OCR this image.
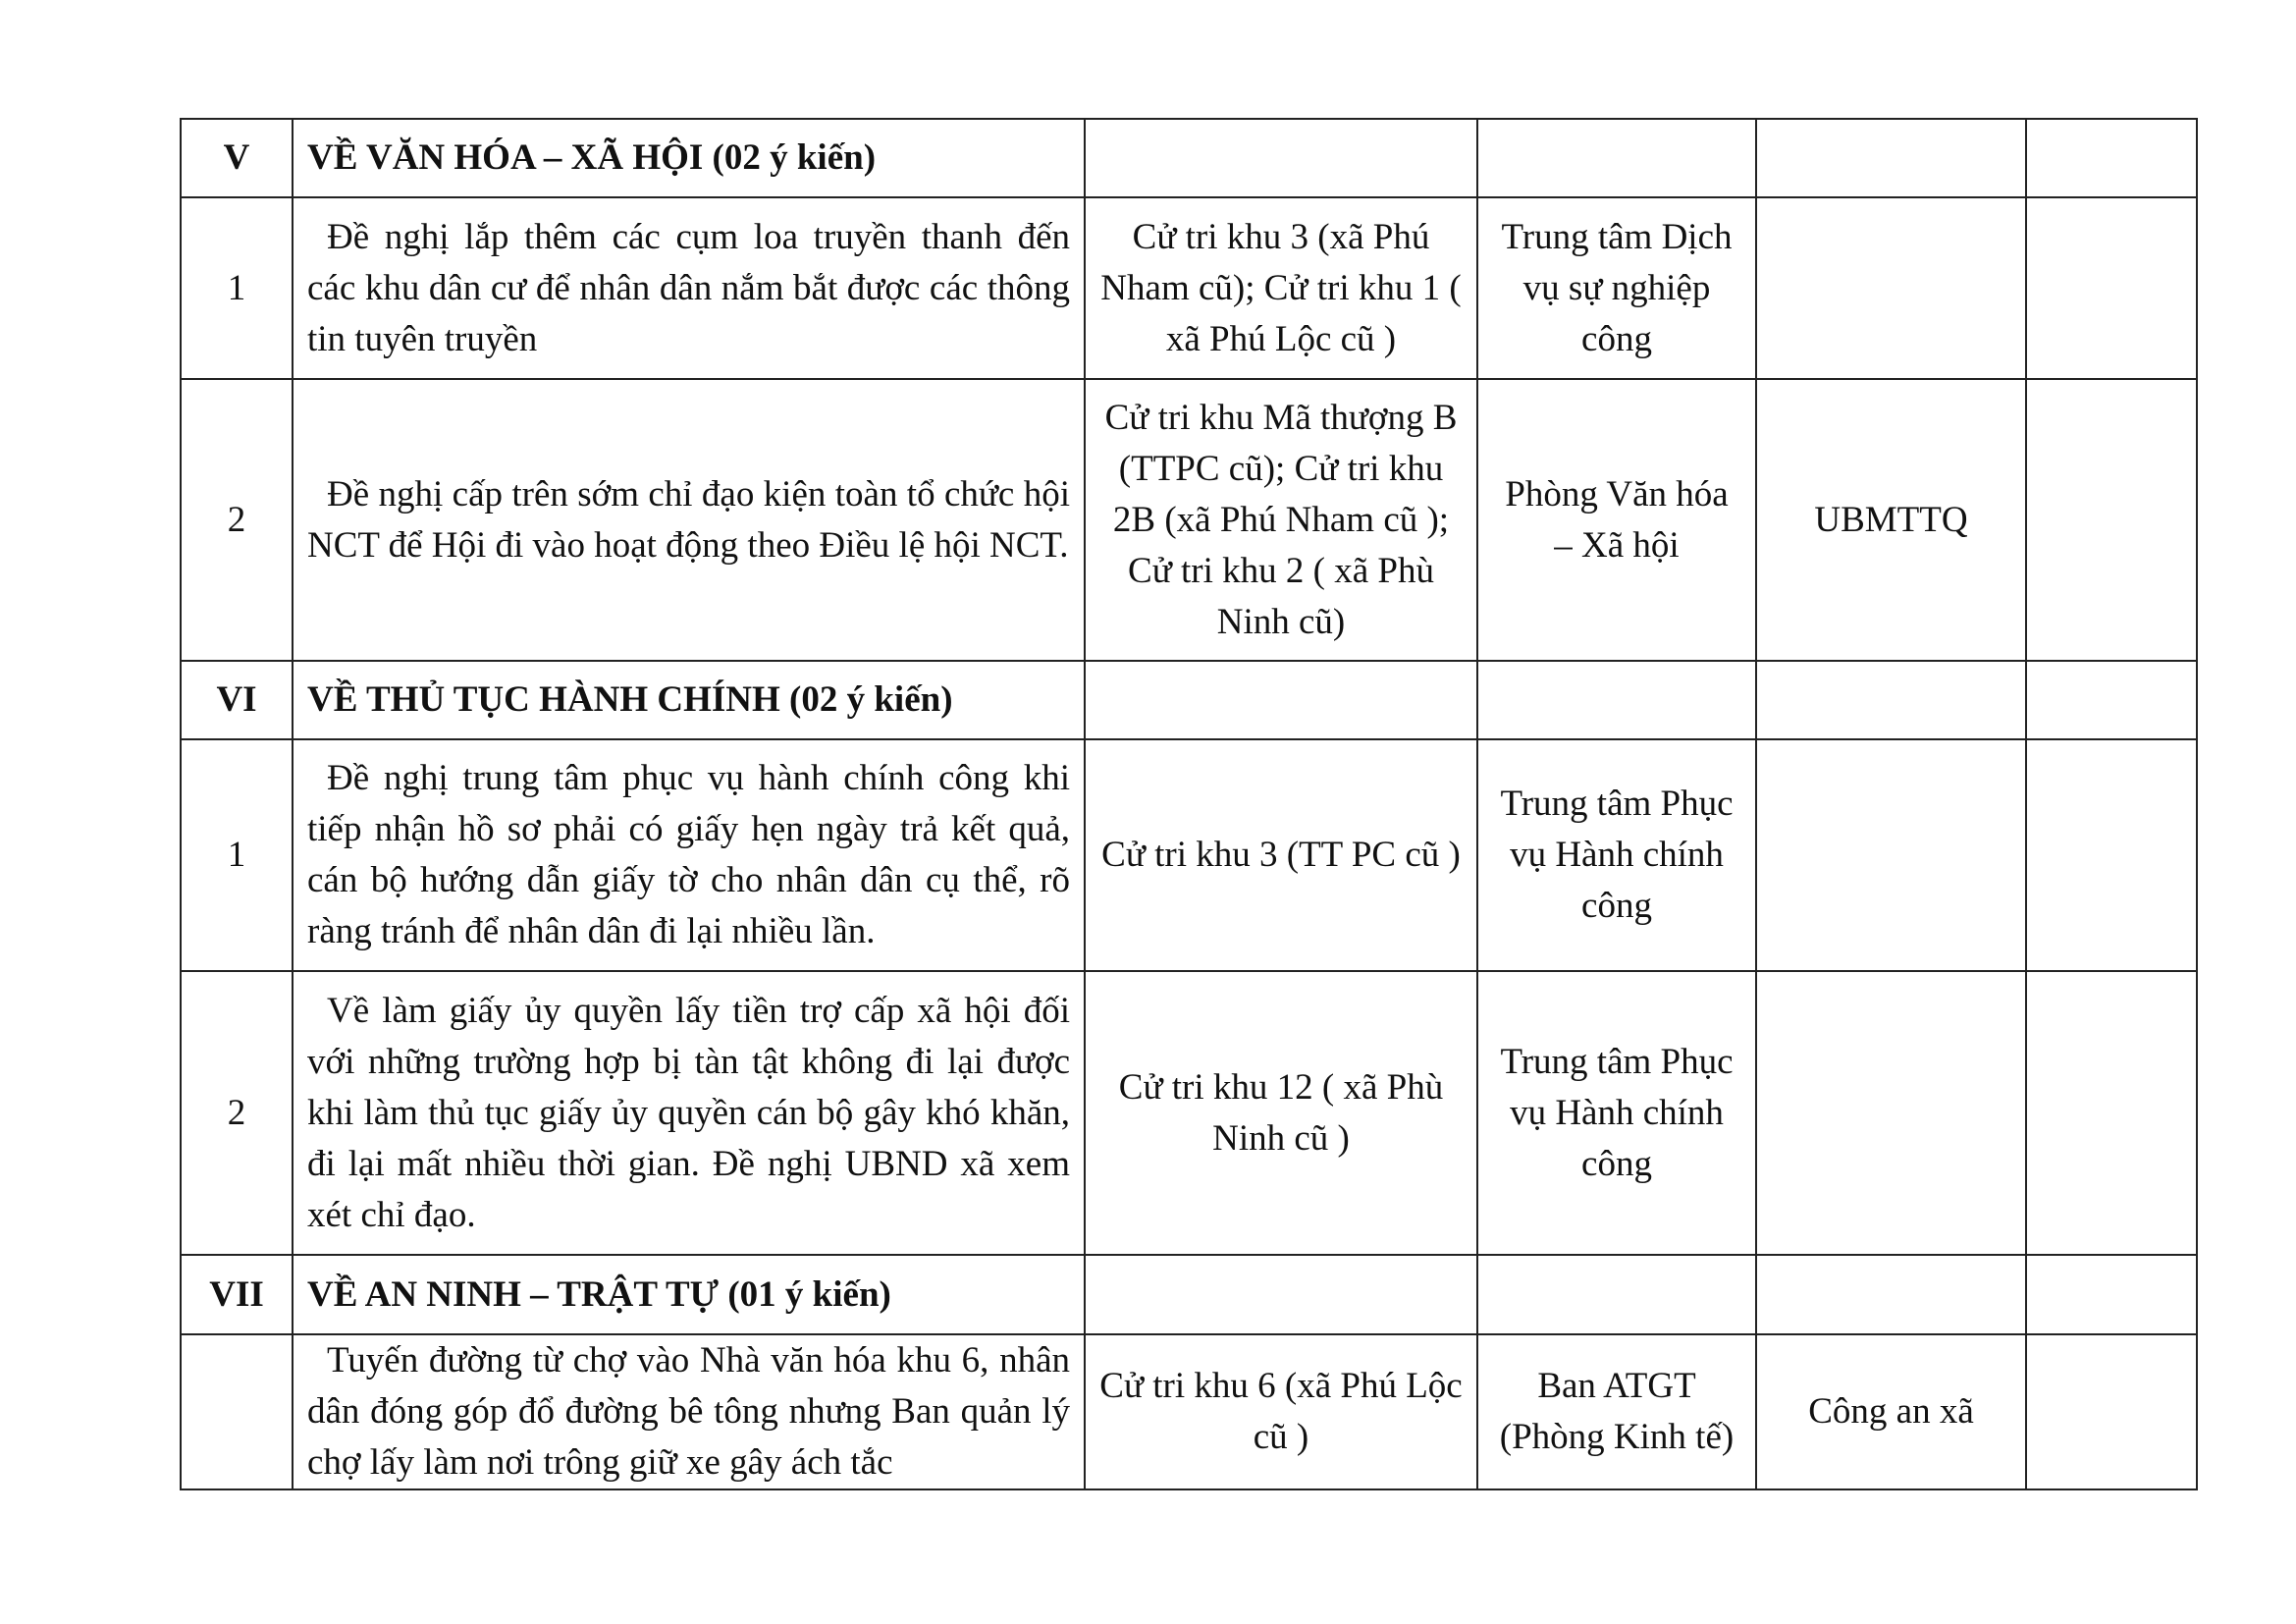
V	VỀ VĂN HÓA – XÃ HỘI (02 ý kiến)				
1	Đề nghị lắp thêm các cụm loa truyền thanh đến các khu dân cư để nhân dân nắm bắt được các thông tin tuyên truyền	Cử tri khu 3 (xã Phú Nham cũ); Cử tri khu 1 ( xã Phú Lộc cũ )	Trung tâm Dịch vụ sự nghiệp công		
2	Đề nghị cấp trên sớm chỉ đạo kiện toàn tổ chức hội NCT để Hội đi vào hoạt động theo Điều lệ hội NCT.	Cử tri khu Mã thượng B (TTPC cũ); Cử tri khu 2B (xã Phú Nham cũ ); Cử tri khu 2 ( xã Phù Ninh cũ)	Phòng Văn hóa – Xã hội	UBMTTQ	
VI	VỀ THỦ TỤC HÀNH CHÍNH (02 ý kiến)				
1	Đề nghị trung tâm phục vụ hành chính công khi tiếp nhận hồ sơ phải có giấy hẹn ngày trả kết quả, cán bộ hướng dẫn giấy tờ cho nhân dân cụ thể, rõ ràng tránh để nhân dân đi lại nhiều lần.	Cử tri khu 3 (TT PC cũ )	Trung tâm Phục vụ Hành chính công		
2	Về làm giấy ủy quyền lấy tiền trợ cấp xã hội đối với những trường hợp bị tàn tật không đi lại được khi làm thủ tục giấy ủy quyền cán bộ gây khó khăn, đi lại mất nhiều thời gian. Đề nghị UBND xã xem xét chỉ đạo.	Cử tri khu 12 ( xã Phù Ninh cũ )	Trung tâm Phục vụ Hành chính công		
VII	VỀ AN NINH – TRẬT TỰ (01 ý kiến)				
	Tuyến đường từ chợ vào Nhà văn hóa khu 6, nhân dân đóng góp đổ đường bê tông nhưng Ban quản lý chợ lấy làm nơi trông giữ xe gây ách tắc	Cử tri khu 6 (xã Phú Lộc cũ )	Ban ATGT (Phòng Kinh tế)	Công an xã	
